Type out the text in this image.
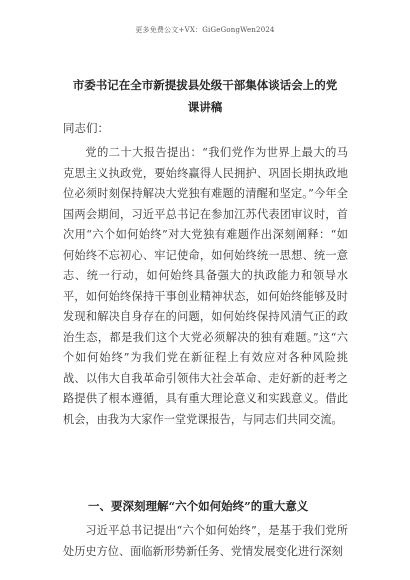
更多免费公文+VX：GiGeGongWen2024
市委书记在全市新提拔县处级干部集体谈话会上的党课讲稿
同志们：

党的二十大报告提出：“我们党作为世界上最大的马克思主义执政党，要始终赢得人民拥护、巩固长期执政地位必须时刻保持解决大党独有难题的清醒和坚定。”今年全国两会期间，习近平总书记在参加江苏代表团审议时，首次用“六个如何始终”对大党独有难题作出深刻阐释：“如何始终不忘初心、牢记使命，如何始终统一思想、统一意志、统一行动，如何始终具备强大的执政能力和领导水平，如何始终保持干事创业精神状态，如何始终能够及时发现和解决自身存在的问题，如何始终保持风清气正的政治生态，都是我们这个大党必须解决的独有难题。”这“六个如何始终”为我们党在新征程上有效应对各种风险挑战、以伟大自我革命引领伟大社会革命、走好新的赶考之路提供了根本遵循，具有重大理论意义和实践意义。借此机会，由我为大家作一堂党课报告，与同志们共同交流。

一、要深刻理解“六个如何始终”的重大意义

习近平总书记提出“六个如何始终”，是基于我们党所处历史方位、面临新形势新任务、党情发展变化进行深刻
